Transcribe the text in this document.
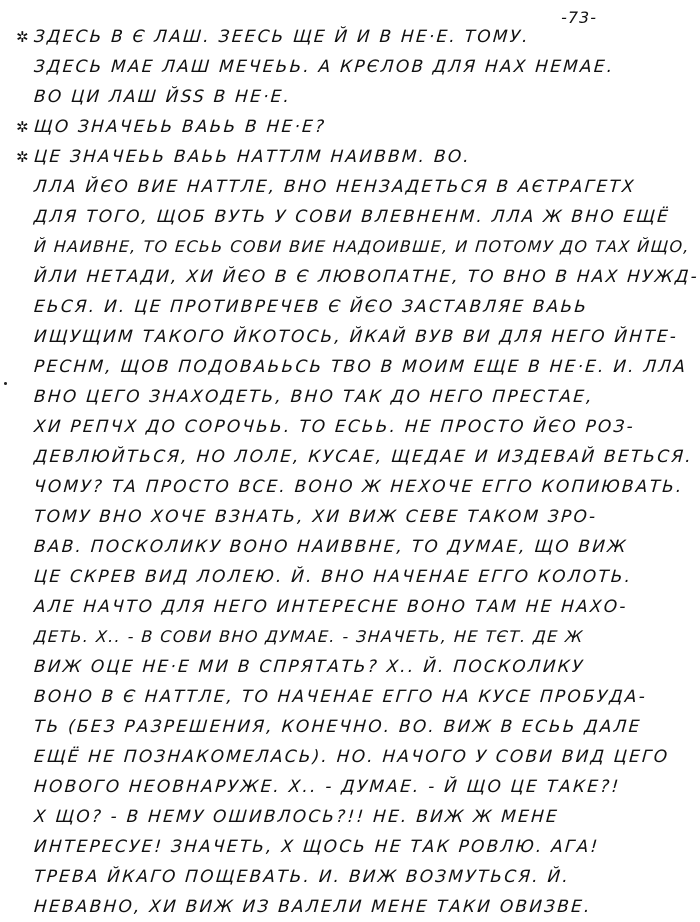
-73-
✲ ЗДЕСЬ В Є ЛАШ. ЗЕЕСЬ ЩЕ Й И В НЕ·Е. ТОМУ.
ЗДЕСЬ МАЕ ЛАШ МЕЧЕЬЬ. А КРЄЛОВ ДЛЯ НАХ НЕМАЕ.
ВО ЦИ ЛАШ ЙSS В НЕ·Е.
✲ ЩО ЗНАЧЕЬЬ ВАЬЬ В НЕ·Е?
✲ ЦЕ ЗНАЧЕЬЬ ВАЬЬ НАТТЛМ НАИВВМ. ВО.
ЛЛА ЙЄО ВИЕ НАТТЛЕ, ВНО НЕНЗАДЕТЬСЯ В АЄТРАГЕТХ
ДЛЯ ТОГО, ЩОБ ВУТЬ У СОВИ ВЛЕВНЕНМ. ЛЛА Ж ВНО ЕЩЁ
Й НАИВНЕ, ТО ЕСЬЬ СОВИ ВИЕ НАДОИВШЕ, И ПОТОМУ ДО ТАХ ЙЩО,
ЙЛИ НЕТАДИ, ХИ ЙЄО В Є ЛЮВОПАТНЕ, ТО ВНО В НАХ НУЖД-
ЕЬСЯ. И. ЦЕ ПРОТИВРЕЧЕВ Є ЙЄО ЗАСТАВЛЯЕ ВАЬЬ
ИЩУЩИМ ТАКОГО ЙКОТОСЬ, ЙКАЙ ВУВ ВИ ДЛЯ НЕГО ЙНТЕ-
РЕСНМ, ЩОВ ПОДОВАЬЬСЬ ТВО В МОИМ ЕЩЕ В НЕ·Е. И. ЛЛА
ВНО ЦЕГО ЗНАХОДЕТЬ, ВНО ТАК ДО НЕГО ПРЕСТАЕ,
ХИ РЕПЧХ ДО СОРОЧЬЬ. ТО ЕСЬЬ. НЕ ПРОСТО ЙЄО РОЗ-
ДЕВЛЮЙТЬСЯ, НО ЛОЛЕ, КУСАЕ, ЩЕДАЕ И ИЗДЕВАЙ ВЕТЬСЯ.
ЧОМУ? ТА ПРОСТО ВСЕ. ВОНО Ж НЕХОЧЕ ЕГГО КОПИЮВАТЬ.
ТОМУ ВНО ХОЧЕ ВЗНАТЬ, ХИ ВИЖ СЕВЕ ТАКОМ ЗРО-
ВАВ. ПОСКОЛИКУ ВОНО НАИВВНЕ, ТО ДУМАЕ, ЩО ВИЖ
ЦЕ СКРЕВ ВИД ЛОЛЕЮ. Й. ВНО НАЧЕНАЕ ЕГГО КОЛОТЬ.
АЛЕ НАЧТО ДЛЯ НЕГО ИНТЕРЕСНЕ ВОНО ТАМ НЕ НАХО-
ДЕТЬ. Х.. - В СОВИ ВНО ДУМАЕ. - ЗНАЧЕТЬ, НЕ ТЄТ. ДЕ Ж
ВИЖ ОЦЕ НЕ·Е МИ В СПРЯТАТЬ? Х.. Й. ПОСКОЛИКУ
ВОНО В Є НАТТЛЕ, ТО НАЧЕНАЕ ЕГГО НА КУСЕ ПРОБУДА-
ТЬ (БЕЗ РАЗРЕШЕНИЯ, КОНЕЧНО. ВО. ВИЖ В ЕСЬЬ ДАЛЕ
ЕЩЁ НЕ ПОЗНАКОМЕЛАСЬ). НО. НАЧОГО У СОВИ ВИД ЦЕГО
НОВОГО НЕОВНАРУЖЕ. Х.. - ДУМАЕ. - Й ЩО ЦЕ ТАКЕ?!
Х ЩО? - В НЕМУ ОШИВЛОСЬ?!! НЕ. ВИЖ Ж МЕНЕ
ИНТЕРЕСУЕ! ЗНАЧЕТЬ, Х ЩОСЬ НЕ ТАК РОВЛЮ. АГА!
ТРЕВА ЙКАГО ПОЩЕВАТЬ. И. ВИЖ ВОЗМУТЬСЯ. Й.
НЕВАВНО, ХИ ВИЖ ИЗ ВАЛЕЛИ МЕНЕ ТАКИ ОВИЗВЕ.
